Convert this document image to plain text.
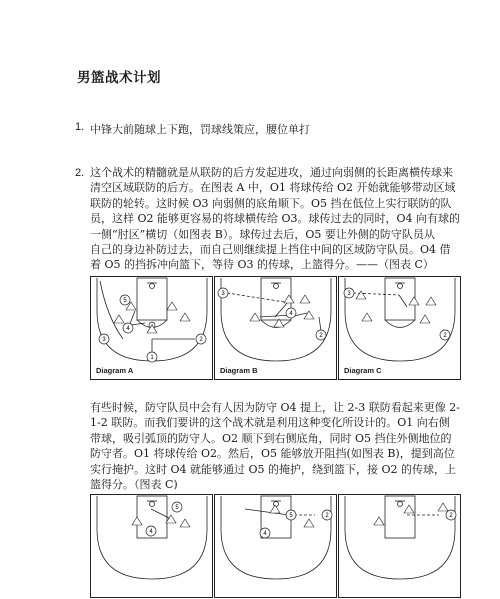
男篮战术计划
1. 中锋大前随球上下跑，罚球线策应，腰位单打
2. 这个战术的精髓就是从联防的后方发起进攻，通过向弱侧的长距离横传球来
清空区域联防的后方。在图表 A 中，O1 将球传给 O2 开始就能够带动区域
联防的轮转。这时候 O3 向弱侧的底角顺下。O5 挡在低位上实行联防的队
员，这样 O2 能够更容易的将球横传给 O3。球传过去的同时，O4 向有球的
一侧“肘区”横切（如图表 B）。球传过去后，O5 要让外侧的防守队员从
自己的身边补防过去，而自己则继续提上挡住中间的区域防守队员。O4 借
着 O5 的挡拆冲向篮下，等待 O3 的传球，上篮得分。——（图表 C）
5
4
3	2
1
Diagram A
3
4
2
Diagram B
3
2
Diagram C
有些时候，防守队员中会有人因为防守 O4 提上，让 2-3 联防看起来更像 2-
1-2 联防。而我们要讲的这个战术就是利用这种变化所设计的。O1 向右侧
带球，吸引弧顶的防守人。O2 顺下到右侧底角，同时 O5 挡住外侧地位的
防守者。O1 将球传给 O2。然后，O5 能够放开阻挡(如图表 B)，提到高位
实行掩护。这时 O4 就能够通过 O5 的掩护，绕到篮下，接 O2 的传球，上
篮得分。（图表 C)
5
4
5	2
4
2
